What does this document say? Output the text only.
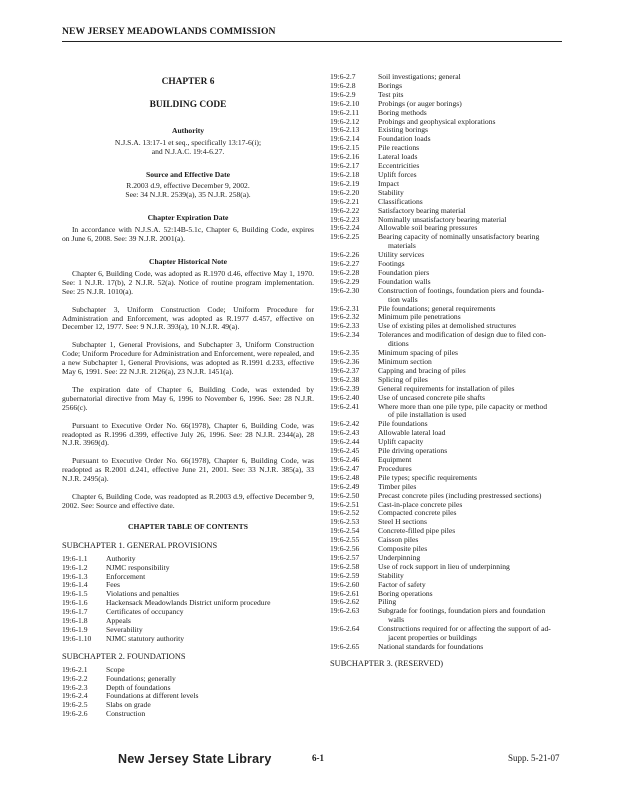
NEW JERSEY MEADOWLANDS COMMISSION
CHAPTER 6
BUILDING CODE
Authority
N.J.S.A. 13:17-1 et seq., specifically 13:17-6(i);
and N.J.A.C. 19:4-6.27.
Source and Effective Date
R.2003 d.9, effective December 9, 2002.
See: 34 N.J.R. 2539(a), 35 N.J.R. 258(a).
Chapter Expiration Date

In accordance with N.J.S.A. 52:14B-5.1c, Chapter 6, Building Code, expires on June 6, 2008. See: 39 N.J.R. 2001(a).

Chapter Historical Note

Chapter 6, Building Code, was adopted as R.1970 d.46, effective May 1, 1970. See: 1 N.J.R. 17(b), 2 N.J.R. 52(a). Notice of routine program implementation. See: 25 N.J.R. 1010(a).

Subchapter 3, Uniform Construction Code; Uniform Procedure for Administration and Enforcement, was adopted as R.1977 d.457, effective on December 12, 1977. See: 9 N.J.R. 393(a), 10 N.J.R. 49(a).

Subchapter 1, General Provisions, and Subchapter 3, Uniform Construction Code; Uniform Procedure for Administration and Enforcement, were repealed, and a new Subchapter 1, General Provisions, was adopted as R.1991 d.233, effective May 6, 1991. See: 22 N.J.R. 2126(a), 23 N.J.R. 1451(a).

The expiration date of Chapter 6, Building Code, was extended by gubernatorial directive from May 6, 1996 to November 6, 1996. See: 28 N.J.R. 2566(c).

Pursuant to Executive Order No. 66(1978), Chapter 6, Building Code, was readopted as R.1996 d.399, effective July 26, 1996. See: 28 N.J.R. 2344(a), 28 N.J.R. 3969(d).

Pursuant to Executive Order No. 66(1978), Chapter 6, Building Code, was readopted as R.2001 d.241, effective June 21, 2001. See: 33 N.J.R. 385(a), 33 N.J.R. 2495(a).

Chapter 6, Building Code, was readopted as R.2003 d.9, effective December 9, 2002. See: Source and effective date.

CHAPTER TABLE OF CONTENTS
SUBCHAPTER 1. GENERAL PROVISIONS
19:6-1.1	Authority
19:6-1.2	NJMC responsibility
19:6-1.3	Enforcement
19:6-1.4	Fees
19:6-1.5	Violations and penalties
19:6-1.6	Hackensack Meadowlands District uniform procedure
19:6-1.7	Certificates of occupancy
19:6-1.8	Appeals
19:6-1.9	Severability
19:6-1.10	NJMC statutory authority
SUBCHAPTER 2. FOUNDATIONS
19:6-2.1	Scope
19:6-2.2	Foundations; generally
19:6-2.3	Depth of foundations
19:6-2.4	Foundations at different levels
19:6-2.5	Slabs on grade
19:6-2.6	Construction
19:6-2.7	Soil investigations; general
19:6-2.8	Borings
19:6-2.9	Test pits
19:6-2.10	Probings (or auger borings)
19:6-2.11	Boring methods
19:6-2.12	Probings and geophysical explorations
19:6-2.13	Existing borings
19:6-2.14	Foundation loads
19:6-2.15	Pile reactions
19:6-2.16	Lateral loads
19:6-2.17	Eccentricities
19:6-2.18	Uplift forces
19:6-2.19	Impact
19:6-2.20	Stability
19:6-2.21	Classifications
19:6-2.22	Satisfactory bearing material
19:6-2.23	Nominally unsatisfactory bearing material
19:6-2.24	Allowable soil bearing pressures
19:6-2.25	Bearing capacity of nominally unsatisfactory bearing
materials
19:6-2.26	Utility services
19:6-2.27	Footings
19:6-2.28	Foundation piers
19:6-2.29	Foundation walls
19:6-2.30	Construction of footings, foundation piers and founda-
tion walls
19:6-2.31	Pile foundations; general requirements
19:6-2.32	Minimum pile penetrations
19:6-2.33	Use of existing piles at demolished structures
19:6-2.34	Tolerances and modification of design due to filed con-
ditions
19:6-2.35	Minimum spacing of piles
19:6-2.36	Minimum section
19:6-2.37	Capping and bracing of piles
19:6-2.38	Splicing of piles
19:6-2.39	General requirements for installation of piles
19:6-2.40	Use of uncased concrete pile shafts
19:6-2.41	Where more than one pile type, pile capacity or method
of pile installation is used
19:6-2.42	Pile foundations
19:6-2.43	Allowable lateral load
19:6-2.44	Uplift capacity
19:6-2.45	Pile driving operations
19:6-2.46	Equipment
19:6-2.47	Procedures
19:6-2.48	Pile types; specific requirements
19:6-2.49	Timber piles
19:6-2.50	Precast concrete piles (including prestressed sections)
19:6-2.51	Cast-in-place concrete piles
19:6-2.52	Compacted concrete piles
19:6-2.53	Steel H sections
19:6-2.54	Concrete-filled pipe piles
19:6-2.55	Caisson piles
19:6-2.56	Composite piles
19:6-2.57	Underpinning
19:6-2.58	Use of rock support in lieu of underpinning
19:6-2.59	Stability
19:6-2.60	Factor of safety
19:6-2.61	Boring operations
19:6-2.62	Piling
19:6-2.63	Subgrade for footings, foundation piers and foundation
walls
19:6-2.64	Constructions required for or affecting the support of ad-
jacent properties or buildings
19:6-2.65	National standards for foundations
SUBCHAPTER 3. (RESERVED)
New Jersey State Library	6-1	Supp. 5-21-07
